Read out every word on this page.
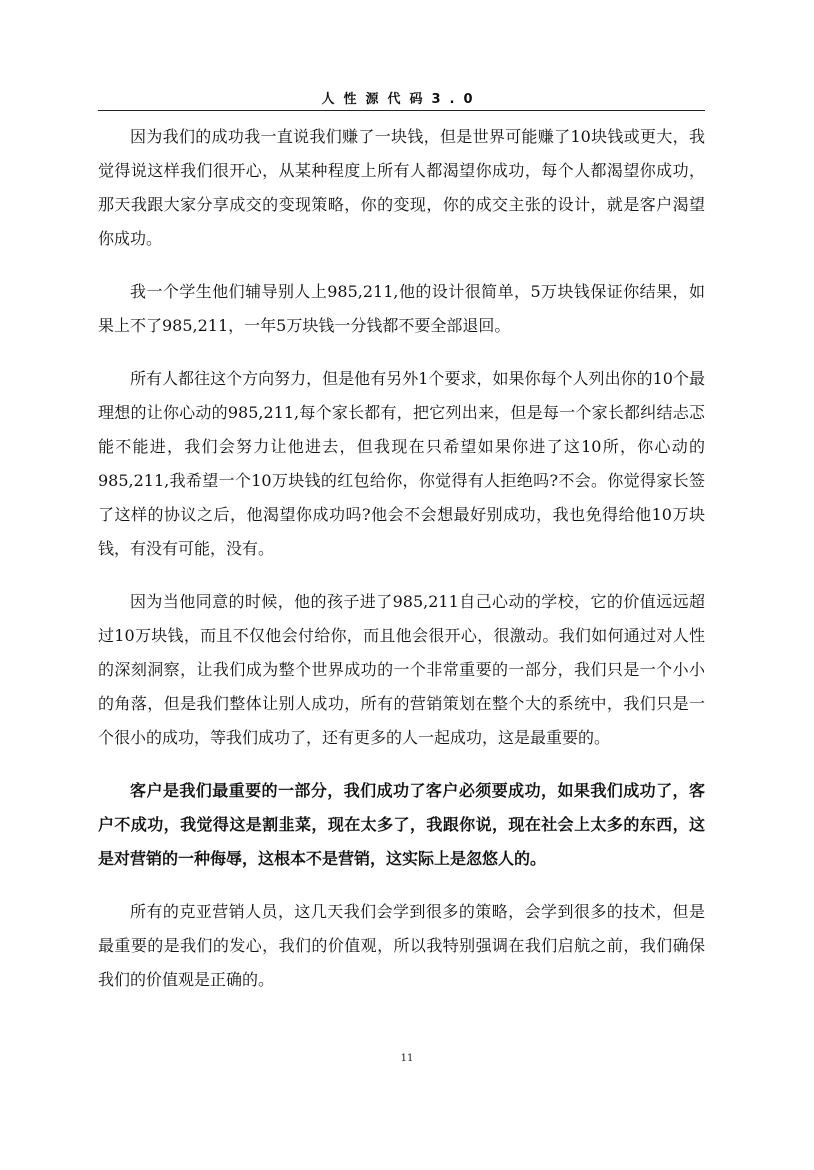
人性源代码3.0

因为我们的成功我一直说我们赚了一块钱，但是世界可能赚了10块钱或更大，我觉得说这样我们很开心，从某种程度上所有人都渴望你成功，每个人都渴望你成功，那天我跟大家分享成交的变现策略，你的变现，你的成交主张的设计，就是客户渴望你成功。

我一个学生他们辅导别人上985,211,他的设计很简单，5万块钱保证你结果，如果上不了985,211，一年5万块钱一分钱都不要全部退回。

所有人都往这个方向努力，但是他有另外1个要求，如果你每个人列出你的10个最理想的让你心动的985,211,每个家长都有，把它列出来，但是每一个家长都纠结忐忑能不能进，我们会努力让他进去，但我现在只希望如果你进了这10所，你心动的985,211,我希望一个10万块钱的红包给你，你觉得有人拒绝吗?不会。你觉得家长签了这样的协议之后，他渴望你成功吗?他会不会想最好别成功，我也免得给他10万块钱，有没有可能，没有。

因为当他同意的时候，他的孩子进了985,211自己心动的学校，它的价值远远超过10万块钱，而且不仅他会付给你，而且他会很开心，很激动。我们如何通过对人性的深刻洞察，让我们成为整个世界成功的一个非常重要的一部分，我们只是一个小小的角落，但是我们整体让别人成功，所有的营销策划在整个大的系统中，我们只是一个很小的成功，等我们成功了，还有更多的人一起成功，这是最重要的。

客户是我们最重要的一部分，我们成功了客户必须要成功，如果我们成功了，客户不成功，我觉得这是割韭菜，现在太多了，我跟你说，现在社会上太多的东西，这是对营销的一种侮辱，这根本不是营销，这实际上是忽悠人的。

所有的克亚营销人员，这几天我们会学到很多的策略，会学到很多的技术，但是最重要的是我们的发心，我们的价值观，所以我特别强调在我们启航之前，我们确保我们的价值观是正确的。

11
